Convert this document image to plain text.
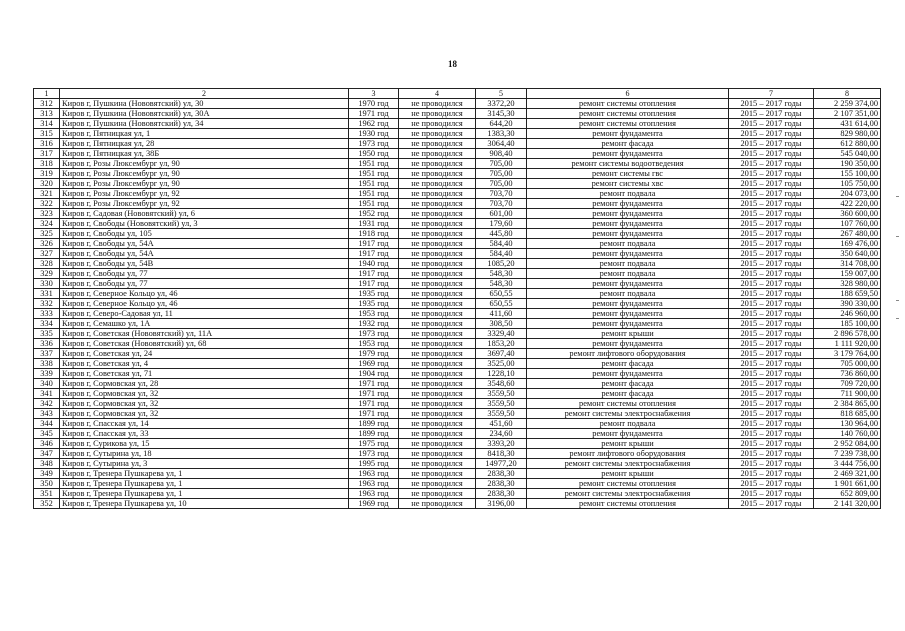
18
1	2	3	4	5	6	7	8
312	Киров г, Пушкина (Нововятский) ул, 30	1970 год	не проводился	3372,20	ремонт системы отопления	2015 – 2017 годы	2 259 374,00
313	Киров г, Пушкина (Нововятский) ул, 30А	1971 год	не проводился	3145,30	ремонт системы отопления	2015 – 2017 годы	2 107 351,00
314	Киров г, Пушкина (Нововятский) ул, 34	1962 год	не проводился	644,20	ремонт системы отопления	2015 – 2017 годы	431 614,00
315	Киров г, Пятницкая ул, 1	1930 год	не проводился	1383,30	ремонт фундамента	2015 – 2017 годы	829 980,00
316	Киров г, Пятницкая ул, 28	1973 год	не проводился	3064,40	ремонт фасада	2015 – 2017 годы	612 880,00
317	Киров г, Пятницкая ул, 38Б	1950 год	не проводился	908,40	ремонт фундамента	2015 – 2017 годы	545 040,00
318	Киров г, Розы Люксембург ул, 90	1951 год	не проводился	705,00	ремонт системы водоотведения	2015 – 2017 годы	190 350,00
319	Киров г, Розы Люксембург ул, 90	1951 год	не проводился	705,00	ремонт системы гвс	2015 – 2017 годы	155 100,00
320	Киров г, Розы Люксембург ул, 90	1951 год	не проводился	705,00	ремонт системы хвс	2015 – 2017 годы	105 750,00
321	Киров г, Розы Люксембург ул, 92	1951 год	не проводился	703,70	ремонт подвала	2015 – 2017 годы	204 073,00
322	Киров г, Розы Люксембург ул, 92	1951 год	не проводился	703,70	ремонт фундамента	2015 – 2017 годы	422 220,00
323	Киров г, Садовая (Нововятский) ул, 6	1952 год	не проводился	601,00	ремонт фундамента	2015 – 2017 годы	360 600,00
324	Киров г, Свободы (Нововятский) ул, 3	1931 год	не проводился	179,60	ремонт фундамента	2015 – 2017 годы	107 760,00
325	Киров г, Свободы ул, 105	1918 год	не проводился	445,80	ремонт фундамента	2015 – 2017 годы	267 480,00
326	Киров г, Свободы ул, 54А	1917 год	не проводился	584,40	ремонт подвала	2015 – 2017 годы	169 476,00
327	Киров г, Свободы ул, 54А	1917 год	не проводился	584,40	ремонт фундамента	2015 – 2017 годы	350 640,00
328	Киров г, Свободы ул, 54В	1940 год	не проводился	1085,20	ремонт подвала	2015 – 2017 годы	314 708,00
329	Киров г, Свободы ул, 77	1917 год	не проводился	548,30	ремонт подвала	2015 – 2017 годы	159 007,00
330	Киров г, Свободы ул, 77	1917 год	не проводился	548,30	ремонт фундамента	2015 – 2017 годы	328 980,00
331	Киров г, Северное Кольцо ул, 46	1935 год	не проводился	650,55	ремонт подвала	2015 – 2017 годы	188 659,50
332	Киров г, Северное Кольцо ул, 46	1935 год	не проводился	650,55	ремонт фундамента	2015 – 2017 годы	390 330,00
333	Киров г, Северо-Садовая ул, 11	1953 год	не проводился	411,60	ремонт фундамента	2015 – 2017 годы	246 960,00
334	Киров г, Семашко ул, 1А	1932 год	не проводился	308,50	ремонт фундамента	2015 – 2017 годы	185 100,00
335	Киров г, Советская (Нововятский) ул, 11А	1973 год	не проводился	3329,40	ремонт крыши	2015 – 2017 годы	2 896 578,00
336	Киров г, Советская (Нововятский) ул, 68	1953 год	не проводился	1853,20	ремонт фундамента	2015 – 2017 годы	1 111 920,00
337	Киров г, Советская ул, 24	1979 год	не проводился	3697,40	ремонт лифтового оборудования	2015 – 2017 годы	3 179 764,00
338	Киров г, Советская ул, 4	1969 год	не проводился	3525,00	ремонт фасада	2015 – 2017 годы	705 000,00
339	Киров г, Советская ул, 71	1904 год	не проводился	1228,10	ремонт фундамента	2015 – 2017 годы	736 860,00
340	Киров г, Сормовская ул, 28	1971 год	не проводился	3548,60	ремонт фасада	2015 – 2017 годы	709 720,00
341	Киров г, Сормовская ул, 32	1971 год	не проводился	3559,50	ремонт фасада	2015 – 2017 годы	711 900,00
342	Киров г, Сормовская ул, 32	1971 год	не проводился	3559,50	ремонт системы отопления	2015 – 2017 годы	2 384 865,00
343	Киров г, Сормовская ул, 32	1971 год	не проводился	3559,50	ремонт системы электроснабжения	2015 – 2017 годы	818 685,00
344	Киров г, Спасская ул, 14	1899 год	не проводился	451,60	ремонт подвала	2015 – 2017 годы	130 964,00
345	Киров г, Спасская ул, 33	1899 год	не проводился	234,60	ремонт фундамента	2015 – 2017 годы	140 760,00
346	Киров г, Сурикова ул, 15	1975 год	не проводился	3393,20	ремонт крыши	2015 – 2017 годы	2 952 084,00
347	Киров г, Сутырина ул, 18	1973 год	не проводился	8418,30	ремонт лифтового оборудования	2015 – 2017 годы	7 239 738,00
348	Киров г, Сутырина ул, 3	1995 год	не проводился	14977,20	ремонт системы электроснабжения	2015 – 2017 годы	3 444 756,00
349	Киров г, Тренера Пушкарева ул, 1	1963 год	не проводился	2838,30	ремонт крыши	2015 – 2017 годы	2 469 321,00
350	Киров г, Тренера Пушкарева ул, 1	1963 год	не проводился	2838,30	ремонт системы отопления	2015 – 2017 годы	1 901 661,00
351	Киров г, Тренера Пушкарева ул, 1	1963 год	не проводился	2838,30	ремонт системы электроснабжения	2015 – 2017 годы	652 809,00
352	Киров г, Тренера Пушкарева ул, 10	1969 год	не проводился	3196,00	ремонт системы отопления	2015 – 2017 годы	2 141 320,00
